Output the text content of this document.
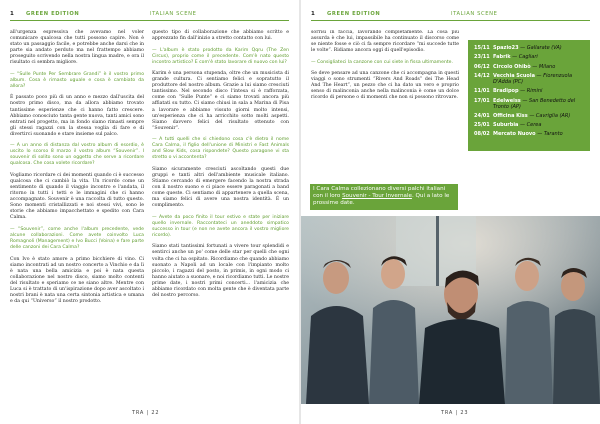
1 GREEN EDITION	ITALIAN SCENE

all'urgenza espressiva che avevamo nel voler comunicare qualcosa che tutti possono capire. Non è stato un passaggio facile, e potrebbe anche darsi che in parte sia andato perduto ma nel frattempo abbiamo proseguito scrivendo nella nostra lingua madre, e ora il risultato ci sembra migliore.

— “Sulle Punte Per Sembrare Grandi” è il vostro primo album. Cosa è rimasto uguale e cosa è cambiato da allora?

È passato poco più di un anno e mezzo dall'uscita del nostro primo disco, ma da allora abbiamo trovato tantissime esperienze che ci hanno fatto crescere. Abbiamo conosciuto tanta gente nuova, tanti amici sono entrati nel progetto, ma in fondo siamo rimasti sempre gli stessi ragazzi con la stessa voglia di fare e di divertirci suonando e stare insieme sul palco.

— A un anno di distanza dal vostro album di esordio, è uscito lo scorso 8 marzo il vostro album “Souvenir”. I souvenir di solito sono un oggetto che serve a ricordare qualcosa. Che cosa volete ricordare?

Vogliamo ricordare ci dei momenti quando ci è successo qualcosa che ci cambiò la vita. Un ricordo come un sentimento di quando il viaggio incontro e l'andata, il ritorno in tutti i tetti e le immagini che ci hanno accompagnato. Souvenir è una raccolta di tutto questo. Sono momenti cristallizzati e noi stessi vivi, sono le storie che abbiamo impacchettato e spedito con Cara Calma.

— “Souvenir”, come anche l'album precedente, vede alcune collaborazioni. Come avete coinvolto Luca Romagnoli (Management) e Ivo Bucci (Voina) e fare parte delle canzoni dei Cara Calma?

Con Ivo è stato amore a primo bicchiere di vino. Ci siamo incontrati ad un nostro concerto a Vinchio e da lì è nata una bella amicizia e poi è nata questa collaborazione nel nostro disco, siamo molto contenti del risultato e speriamo ce ne siano altre. Mentre con Luca si è trattato di un'ispirazione dopo aver ascoltato i nostri brani è nata una certa sintonia artistica e umana e da qui “Universo” il nostro prodotto.

questo tipo di collaborazione che abbiamo scritto e apprezzato fin dall'inizio a stretto contatto con lui.

— L'album è stato prodotto da Karim Qqru (The Zen Circus), proprio come il precedente. Com'è nato questo incontro artistico? E com'è stato lavorare di nuovo con lui?

Karim è una persona stupenda, oltre che un musicista di grande cultura. Ci sentiamo felici e sopratutto il produttore del nostro album. Grazie a lui siamo cresciuti tantissimo. Nel secondo disco l'intesa si è rafforzata, come con “Sulle Punte” e ci siamo trovati ancora più affiatati su tutto. Ci siamo chiusi in sala a Marina di Pisa a lavorare e abbiamo vissuto giorni molto intensi, un'esperienza che ci ha arricchito sotto molti aspetti. Siamo davvero felici del risultato ottenuto con “Souvenir”.

— A tutti quelli che si chiedono cosa c'è dietro il nome Cara Calma, il figlio dell'unione di Ministri e Fast Animals and Slow Kids, cosa rispondete? Questo paragone vi sta stretto o vi accontenta?

Siamo sicuramente cresciuti ascoltando questi due gruppi e tanti altri dell'ambiente musicale italiano. Stiamo cercando di emergere facendo la nostra strada con il nostro suono e ci piace essere paragonati a band come queste. Ci sentiamo di appartenere a quella scena, ma siamo felici di avere una nostra identità. È un complimento.

— Avete da poco finito il tour estivo e state per iniziare quello invernale. Raccontateci un aneddoto simpatico successo in tour (e non ne avete ancora il vostro migliore ricordo).

Siamo stati tantissimi fortunati a vivere tour splendidi e sentirci anche un po' come delle star per quelli che ogni volta che ci ha ospitato. Ricordiamo che quando abbiamo suonato a Napoli ad un locale con l'impianto molto piccolo, i ragazzi del posto, in primis, in ogni modo ci hanno aiutato a suonare, e noi ricordiamo tutti. Le nostre prime date, i nostri primi concerti... l'amicizia che abbiamo ricordato con molta gente che è diventata parte del nostro percorso.

TRA | 22
1 GREEN EDITION	ITALIAN SCENE

sorrisi in faccia, lavorando completamente. La cosa più assurda è che lui, impassibile ha continuato il discorso come se niente fosse e ciò ci fa sempre ricordare “mi succede tutte le volte”. Ridiamo ancora oggi di quell'episodio.

— Consigliateci la canzone con cui siete in fissa ultimamente.

Se deve pensare ad una canzone che ci accompagna in questi viaggi o sono strumenti “Rivers And Roads” dei The Head And The Heart”, un pezzo che ci ha dato un vero e proprio senso di malinconia anche nella malinconia è come un dolce ricordo di persone o di momenti che non si possono ritrovare.

15/11 Spazio23 — Gallarate (VA)
23/11 Fabrik — Cagliari
06/12 Circolo Ohibò — Milano
14/12 Vecchia Scuola — Fiorenzuola D'Adda (PC)
11/01 Bradipop — Rimini
17/01 Edelweiss — San Benedetto del Tronto (AP)
24/01 Officina Kiss — Cavriglia (AR)
25/01 Suburbia — Cerea
08/02 Mercato Nuovo — Taranto
I Cara Calma collezionano diversi palchi italiani con il loro Souvenir - Tour Invernale. Qui a lato le prossime date.
TRA | 23
